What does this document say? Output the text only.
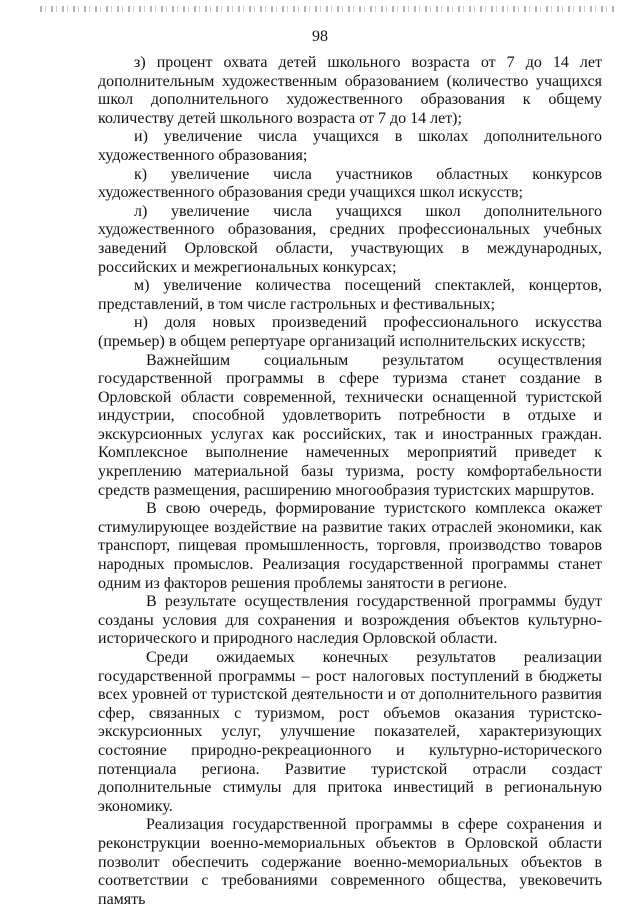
98

з) процент охвата детей школьного возраста от 7 до 14 лет дополнительным художественным образованием (количество учащихся школ дополнительного художественного образования к общему количеству детей школьного возраста от 7 до 14 лет);

и) увеличение числа учащихся в школах дополнительного художественного образования;

к) увеличение числа участников областных конкурсов художественного образования среди учащихся школ искусств;

л) увеличение числа учащихся школ дополнительного художественного образования, средних профессиональных учебных заведений Орловской области, участвующих в международных, российских и межрегиональных конкурсах;

м) увеличение количества посещений спектаклей, концертов, представлений, в том числе гастрольных и фестивальных;

н) доля новых произведений профессионального искусства (премьер) в общем репертуаре организаций исполнительских искусств;

Важнейшим социальным результатом осуществления государственной программы в сфере туризма станет создание в Орловской области современной, технически оснащенной туристской индустрии, способной удовлетворить потребности в отдыхе и экскурсионных услугах как российских, так и иностранных граждан. Комплексное выполнение намеченных мероприятий приведет к укреплению материальной базы туризма, росту комфортабельности средств размещения, расширению многообразия туристских маршрутов.

В свою очередь, формирование туристского комплекса окажет стимулирующее воздействие на развитие таких отраслей экономики, как транспорт, пищевая промышленность, торговля, производство товаров народных промыслов. Реализация государственной программы станет одним из факторов решения проблемы занятости в регионе.

В результате осуществления государственной программы будут созданы условия для сохранения и возрождения объектов культурно-исторического и природного наследия Орловской области.

Среди ожидаемых конечных результатов реализации государственной программы – рост налоговых поступлений в бюджеты всех уровней от туристской деятельности и от дополнительного развития сфер, связанных с туризмом, рост объемов оказания туристско-экскурсионных услуг, улучшение показателей, характеризующих состояние природно-рекреационного и культурно-исторического потенциала региона. Развитие туристской отрасли создаст дополнительные стимулы для притока инвестиций в региональную экономику.

Реализация государственной программы в сфере сохранения и реконструкции военно-мемориальных объектов в Орловской области позволит обеспечить содержание военно-мемориальных объектов в соответствии с требованиями современного общества, увековечить память
